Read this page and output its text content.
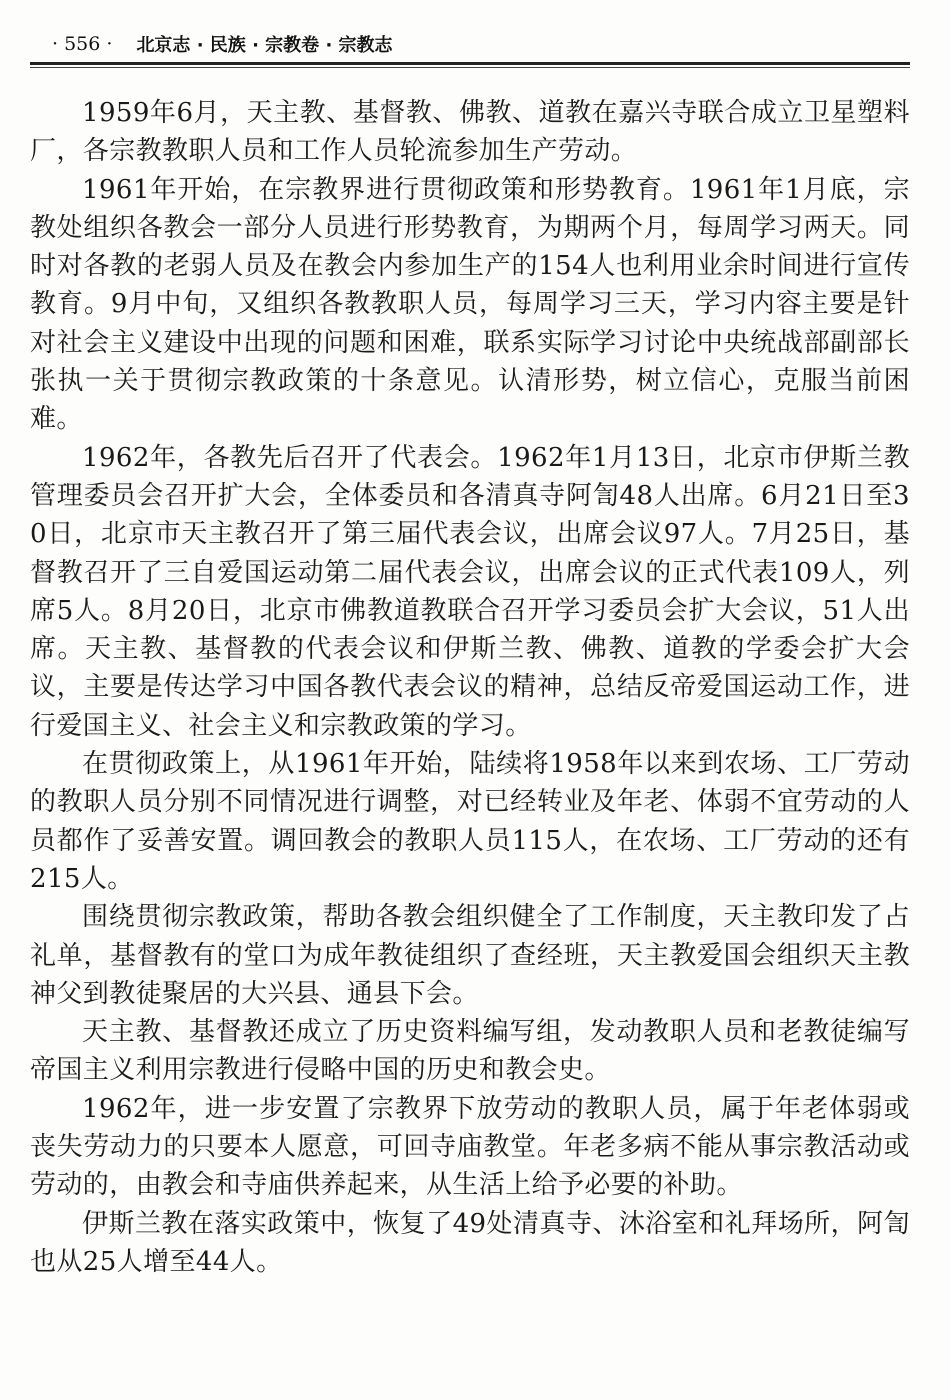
· 556 · 北京志 · 民族 · 宗教卷 · 宗教志

1959年6月，天主教、基督教、佛教、道教在嘉兴寺联合成立卫星塑料厂，各宗教教职人员和工作人员轮流参加生产劳动。

1961年开始，在宗教界进行贯彻政策和形势教育。1961年1月底，宗教处组织各教会一部分人员进行形势教育，为期两个月，每周学习两天。同时对各教的老弱人员及在教会内参加生产的154人也利用业余时间进行宣传教育。9月中旬，又组织各教教职人员，每周学习三天，学习内容主要是针对社会主义建设中出现的问题和困难，联系实际学习讨论中央统战部副部长张执一关于贯彻宗教政策的十条意见。认清形势，树立信心，克服当前困难。

1962年，各教先后召开了代表会。1962年1月13日，北京市伊斯兰教管理委员会召开扩大会，全体委员和各清真寺阿訇48人出席。6月21日至30日，北京市天主教召开了第三届代表会议，出席会议97人。7月25日，基督教召开了三自爱国运动第二届代表会议，出席会议的正式代表109人，列席5人。8月20日，北京市佛教道教联合召开学习委员会扩大会议，51人出席。天主教、基督教的代表会议和伊斯兰教、佛教、道教的学委会扩大会议，主要是传达学习中国各教代表会议的精神，总结反帝爱国运动工作，进行爱国主义、社会主义和宗教政策的学习。

在贯彻政策上，从1961年开始，陆续将1958年以来到农场、工厂劳动的教职人员分别不同情况进行调整，对已经转业及年老、体弱不宜劳动的人员都作了妥善安置。调回教会的教职人员115人，在农场、工厂劳动的还有215人。

围绕贯彻宗教政策，帮助各教会组织健全了工作制度，天主教印发了占礼单，基督教有的堂口为成年教徒组织了查经班，天主教爱国会组织天主教神父到教徒聚居的大兴县、通县下会。

天主教、基督教还成立了历史资料编写组，发动教职人员和老教徒编写帝国主义利用宗教进行侵略中国的历史和教会史。

1962年，进一步安置了宗教界下放劳动的教职人员，属于年老体弱或丧失劳动力的只要本人愿意，可回寺庙教堂。年老多病不能从事宗教活动或劳动的，由教会和寺庙供养起来，从生活上给予必要的补助。

伊斯兰教在落实政策中，恢复了49处清真寺、沐浴室和礼拜场所，阿訇也从25人增至44人。
